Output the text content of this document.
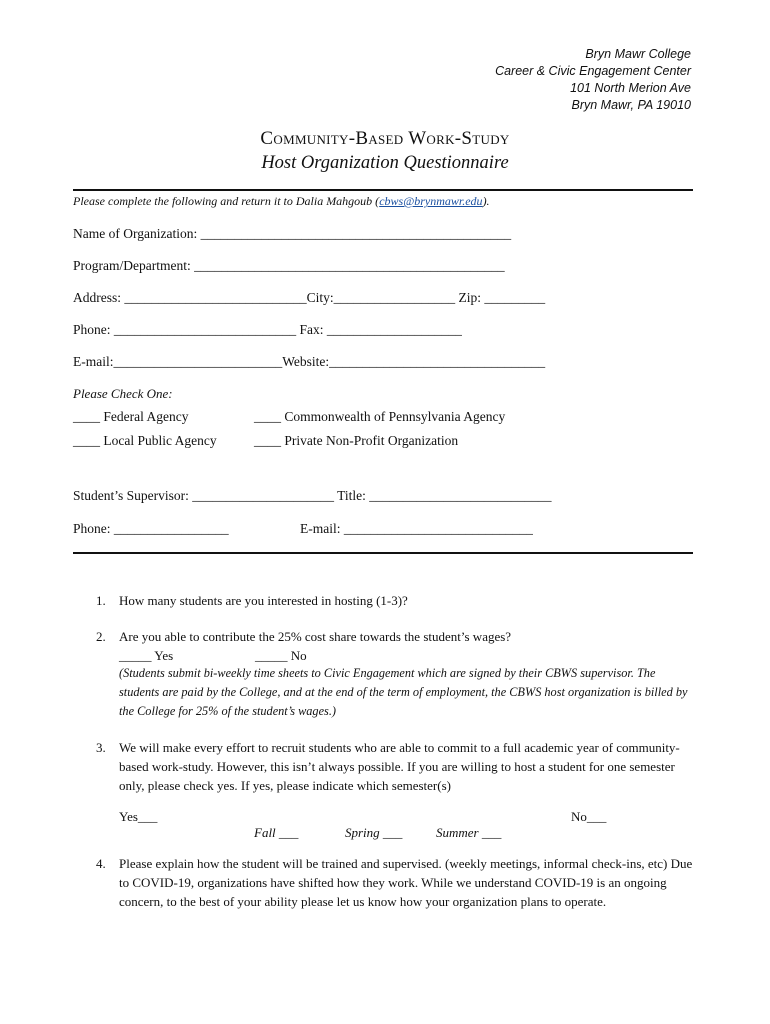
Bryn Mawr College
Career & Civic Engagement Center
101 North Merion Ave
Bryn Mawr, PA 19010
Community-Based Work-Study
Host Organization Questionnaire
Please complete the following and return it to Dalia Mahgoub (cbws@brynmawr.edu).
Name of Organization: ______________________________________________
Program/Department: ______________________________________________
Address: ___________________________City:__________________ Zip: _________
Phone: ___________________________ Fax: ____________________
E-mail:_________________________Website:________________________________
Please Check One:
____ Federal Agency	____ Commonwealth of Pennsylvania Agency
____ Local Public Agency	____ Private Non-Profit Organization
Student’s Supervisor: _____________________ Title: ___________________________
Phone: _________________	E-mail: ____________________________
1. How many students are you interested in hosting (1-3)?
2. Are you able to contribute the 25% cost share towards the student’s wages?
_____ Yes	_____ No
(Students submit bi-weekly time sheets to Civic Engagement which are signed by their CBWS supervisor. The students are paid by the College, and at the end of the term of employment, the CBWS host organization is billed by the College for 25% of the student’s wages.)
3. We will make every effort to recruit students who are able to commit to a full academic year of community-based work-study. However, this isn’t always possible. If you are willing to host a student for one semester only, please check yes. If yes, please indicate which semester(s)
Yes___	No___
Fall ___	Spring ___	Summer ___
4. Please explain how the student will be trained and supervised. (weekly meetings, informal check-ins, etc) Due to COVID-19, organizations have shifted how they work. While we understand COVID-19 is an ongoing concern, to the best of your ability please let us know how your organization plans to operate.
